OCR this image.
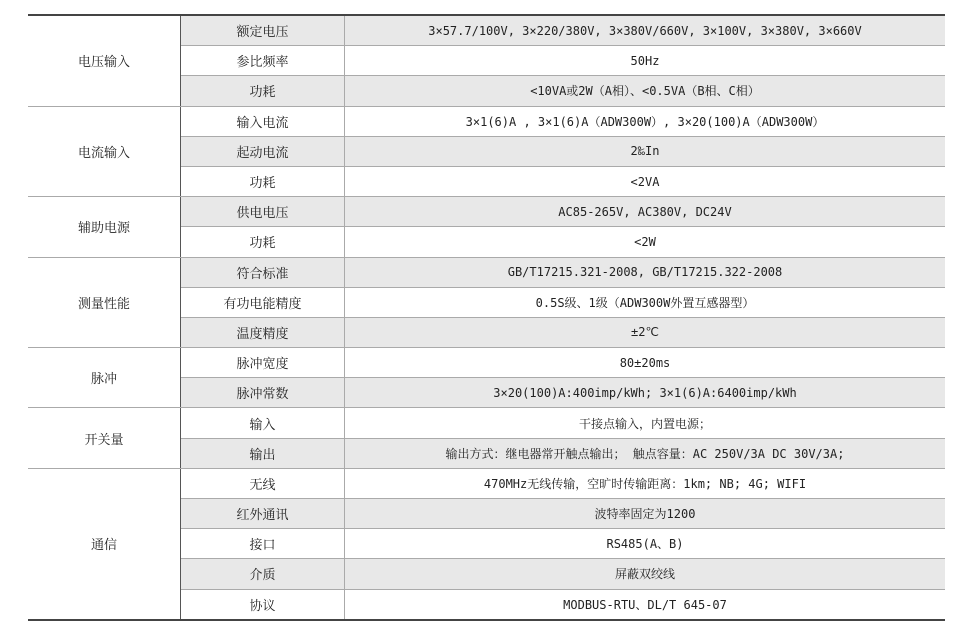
电压输入	额定电压	3×57.7/100V, 3×220/380V, 3×380V/660V, 3×100V, 3×380V, 3×660V
	参比频率	50Hz
	功耗	<10VA或2W（A相）、<0.5VA（B相、C相）
电流输入	输入电流	3×1(6)A , 3×1(6)A（ADW300W）, 3×20(100)A（ADW300W）
	起动电流	2‰In
	功耗	<2VA
辅助电源	供电电压	AC85-265V, AC380V, DC24V
	功耗	<2W
测量性能	符合标准	GB/T17215.321-2008, GB/T17215.322-2008
	有功电能精度	0.5S级、1级（ADW300W外置互感器型）
	温度精度	±2℃
脉冲	脉冲宽度	80±20ms
	脉冲常数	3×20(100)A:400imp/kWh; 3×1(6)A:6400imp/kWh
开关量	输入	干接点输入，内置电源；
	输出	输出方式：继电器常开触点输出； 触点容量：AC 250V/3A DC 30V/3A;
通信	无线	470MHz无线传输，空旷时传输距离：1km; NB; 4G; WIFI
	红外通讯	波特率固定为1200
	接口	RS485(A、B)
	介质	屏蔽双绞线
	协议	MODBUS-RTU、DL/T 645-07
